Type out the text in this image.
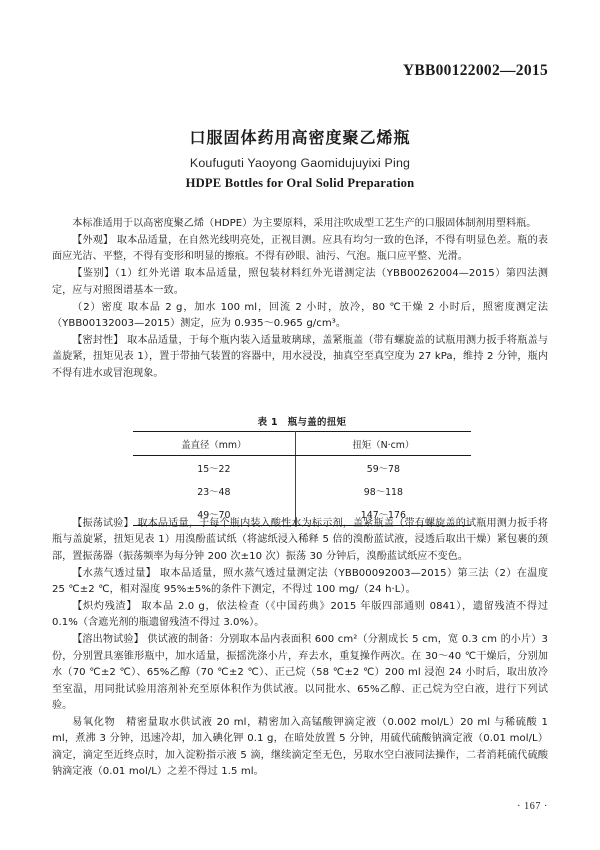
YBB00122002—2015
口服固体药用高密度聚乙烯瓶
Koufuguti Yaoyong Gaomidujuyixi Ping
HDPE Bottles for Oral Solid Preparation

本标准适用于以高密度聚乙烯（HDPE）为主要原料，采用注吹成型工艺生产的口服固体制剂用塑料瓶。

【外观】 取本品适量，在自然光线明亮处，正视目测。应具有均匀一致的色泽，不得有明显色差。瓶的表面应光洁、平整，不得有变形和明显的擦痕。不得有砂眼、油污、气泡。瓶口应平整、光滑。

【鉴别】（1）红外光谱 取本品适量，照包装材料红外光谱测定法（YBB00262004—2015）第四法测定，应与对照图谱基本一致。

（2）密度 取本品 2 g，加水 100 ml，回流 2 小时，放冷，80 ℃干燥 2 小时后，照密度测定法（YBB00132003—2015）测定，应为 0.935～0.965 g/cm³。

【密封性】 取本品适量，于每个瓶内装入适量玻璃球，盖紧瓶盖（带有螺旋盖的试瓶用测力扳手将瓶盖与盖旋紧，扭矩见表 1），置于带抽气装置的容器中，用水浸没，抽真空至真空度为 27 kPa，维持 2 分钟，瓶内不得有进水或冒泡现象。

表 1　瓶与盖的扭矩
盖直径（mm）	扭矩（N·cm）
15～22	59～78
23～48	98～118
49～70	147～176

【振荡试验】 取本品适量，于每个瓶内装入酸性水为标示剂，盖紧瓶盖（带有螺旋盖的试瓶用测力扳手将瓶与盖旋紧，扭矩见表 1）用溴酚蓝试纸（将滤纸浸入稀释 5 倍的溴酚蓝试液，浸透后取出干燥）紧包裹的颈部，置振荡器（振荡频率为每分钟 200 次±10 次）振荡 30 分钟后，溴酚蓝试纸应不变色。

【水蒸气透过量】 取本品适量，照水蒸气透过量测定法（YBB00092003—2015）第三法（2）在温度 25 ℃±2 ℃，相对湿度 95%±5%的条件下测定，不得过 100 mg/（24 h·L）。

【炽灼残渣】 取本品 2.0 g，依法检查（《中国药典》2015 年版四部通则 0841），遗留残渣不得过 0.1%（含遮光剂的瓶遗留残渣不得过 3.0%）。

【溶出物试验】 供试液的制备：分别取本品内表面积 600 cm²（分割成长 5 cm，宽 0.3 cm 的小片）3 份，分别置具塞锥形瓶中，加水适量，振摇洗涤小片，弃去水，重复操作两次。在 30～40 ℃干燥后，分别加水（70 ℃±2 ℃）、65%乙醇（70 ℃±2 ℃）、正己烷（58 ℃±2 ℃）200 ml 浸泡 24 小时后，取出放冷至室温，用同批试验用溶剂补充至原体积作为供试液。以同批水、65%乙醇、正己烷为空白液，进行下列试验。

易氧化物　精密量取水供试液 20 ml，精密加入高锰酸钾滴定液（0.002 mol/L）20 ml 与稀硫酸 1 ml，煮沸 3 分钟，迅速冷却，加入碘化钾 0.1 g，在暗处放置 5 分钟，用硫代硫酸钠滴定液（0.01 mol/L）滴定，滴定至近终点时，加入淀粉指示液 5 滴，继续滴定至无色，另取水空白液同法操作，二者消耗硫代硫酸钠滴定液（0.01 mol/L）之差不得过 1.5 ml。

· 167 ·
